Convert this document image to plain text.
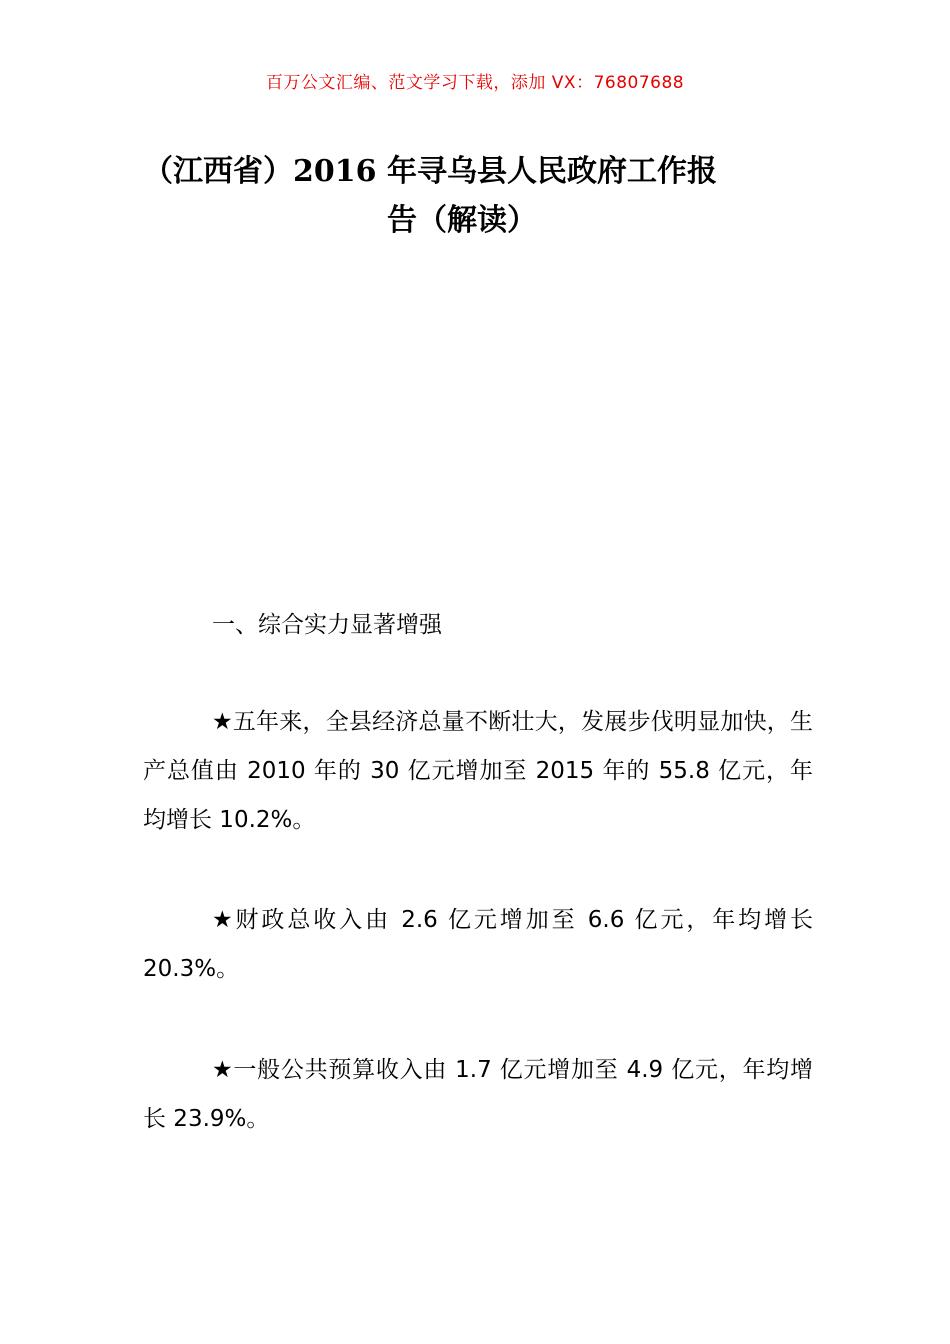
百万公文汇编、范文学习下载，添加 VX：76807688
（江西省）2016 年寻乌县人民政府工作报
告（解读）
一、综合实力显著增强
★五年来，全县经济总量不断壮大，发展步伐明显加快，生产总值由 2010 年的 30 亿元增加至 2015 年的 55.8 亿元，年均增长 10.2%。
★财政总收入由 2.6 亿元增加至 6.6 亿元，年均增长 20.3%。
★一般公共预算收入由 1.7 亿元增加至 4.9 亿元，年均增长 23.9%。
